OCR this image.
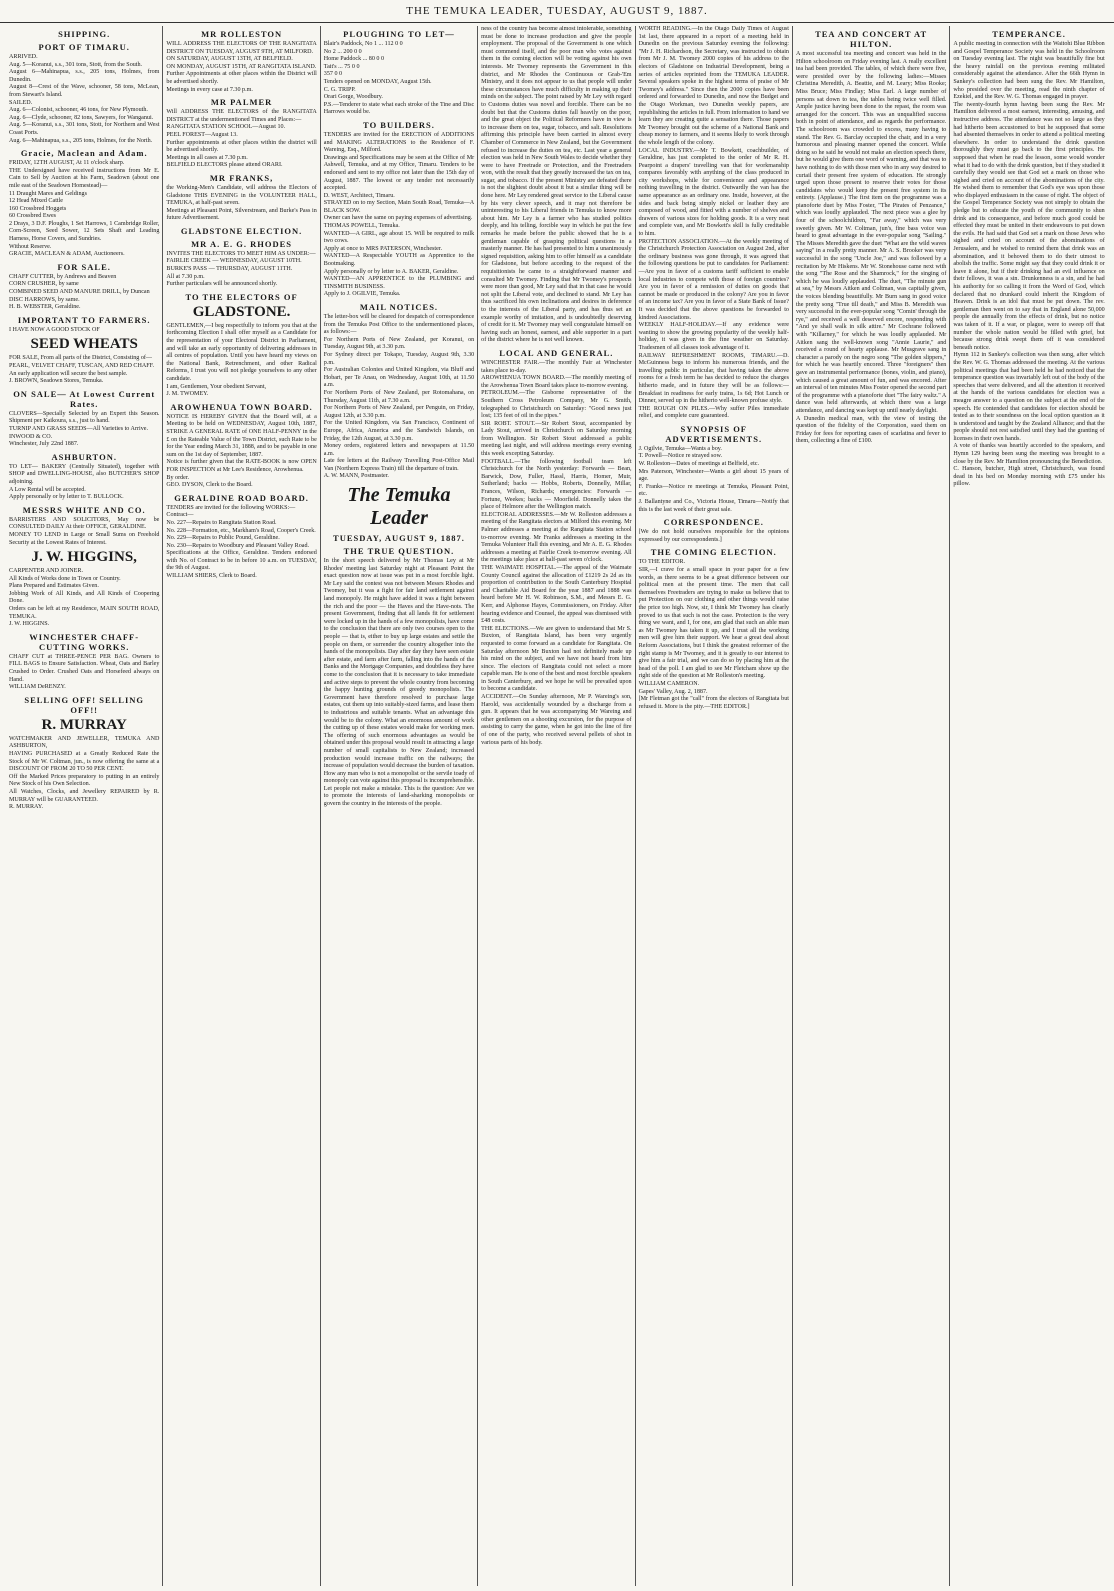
THE TEMUKA LEADER, TUESDAY, AUGUST 9, 1887.
SHIPPING.
PORT OF TIMARU.
ARRIVED.
Aug. 5—Koranui, s.s., 301 tons, Stott, from the South.
August 6—Mahinapua, s.s., 205 tons, Holmes, from Dunedin.
August 8—Crest of the Wave, schooner, 58 tons, McLean, from Stewart's Island.
SAILED.
Aug. 6—Colonist, schooner, 46 tons, for New Plymouth.
Aug. 6—Clyde, schooner, 82 tons, Sawyers, for Wanganui.
Aug. 5—Koranui, s.s., 301 tons, Stott, for Northern and West Coast Ports.
Aug. 6—Mahinapua, s.s., 205 tons, Holmes, for the North.
Gracie, Maclean and Adam.
FRIDAY, 12TH AUGUST, At 11 o'clock sharp.
THE Undersigned have received instructions from Mr E. Cain to Sell by Auction at his Farm, Seadown (about one mile east of the Seadown Homestead)—
11 Draught Mares and Geldings
12 Head Mixed Cattle
160 Crossbred Hoggets
60 Crossbred Ewes
2 Drays, 3 D.F. Ploughs, 1 Set Harrows, 1 Cambridge Roller, Corn-Screen, Seed Sower, 12 Sets Shaft and Leading Harness, Horse Covers, and Sundries.
Without Reserve.
GRACIE, MACLEAN & ADAM, Auctioneers.
FOR SALE.
CHAFF CUTTER, by Andrews and Beaven
CORN CRUSHER, by same
COMBINED SEED AND MANURE DRILL, by Duncan
DISC HARROWS, by same.
H. B. WEBSTER, Geraldine.
IMPORTANT TO FARMERS.
I HAVE NOW A GOOD STOCK OF
SEED WHEATS
FOR SALE, From all parts of the District, Consisting of—
PEARL, VELVET CHAFF, TUSCAN, AND RED CHAFF.
An early application will secure the best sample.
J. BROWN, Seadown Stores, Temuka.
ON SALE— At Lowest Current Rates.
CLOVERS—Specially Selected by an Expert this Season. Shipment per Kaikoura, s.s., just to hand.
TURNIP AND GRASS SEEDS—All Varieties to Arrive.
INWOOD & CO.
Winchester, July 22nd 1887.
ASHBURTON.
TO LET— BAKERY (Centrally Situated), together with SHOP and DWELLING-HOUSE, also BUTCHER'S SHOP adjoining.
A Low Rental will be accepted.
Apply personally or by letter to T. BULLOCK.
MESSRS WHITE AND CO.
BARRISTERS AND SOLICITORS, May now be CONSULTED DAILY At their OFFICE, GERALDINE.
MONEY TO LEND in Large or Small Sums on Freehold Security at the Lowest Rates of Interest.
J. W. HIGGINS,
CARPENTER AND JOINER.
All Kinds of Works done in Town or Country.
Plans Prepared and Estimates Given.
Jobbing Work of All Kinds, and All Kinds of Coopering Done.
Orders can be left at my Residence, MAIN SOUTH ROAD, TEMUKA.
J. W. HIGGINS.
WINCHESTER CHAFF-CUTTING WORKS.
CHAFF CUT at THREE-PENCE PER BAG. Owners to FILL BAGS to Ensure Satisfaction. Wheat, Oats and Barley Crushed to Order. Crushed Oats and Horsefeed always on Hand.
WILLIAM DeRENZY.
SELLING OFF! SELLING OFF!!
R. MURRAY
WATCHMAKER AND JEWELLER, TEMUKA AND ASHBURTON,
HAVING PURCHASED at a Greatly Reduced Rate the Stock of Mr W. Coltman, jun., is now offering the same at a DISCOUNT OF FROM 20 TO 50 PER CENT.
Off the Marked Prices preparatory to putting in an entirely New Stock of his Own Selection.
All Watches, Clocks, and Jewellery REPAIRED by R. MURRAY will be GUARANTEED.
R. MURRAY.
MR ROLLESTON
WILL ADDRESS THE ELECTORS OF THE RANGITATA DISTRICT ON TUESDAY, AUGUST 9TH, AT MILFORD.
ON SATURDAY, AUGUST 13TH, AT BELFIELD.
ON MONDAY, AUGUST 15TH, AT RANGITATA ISLAND.
Further Appointments at other places within the District will be advertised shortly.
Meetings in every case at 7.30 p.m.
MR PALMER
Will ADDRESS THE ELECTORS of the RANGITATA DISTRICT at the undermentioned Times and Places:—
RANGITATA STATION SCHOOL—August 10.
PEEL FOREST—August 13.
Further appointments at other places within the district will be advertised shortly.
Meetings in all cases at 7.30 p.m.
BELFIELD ELECTORS please attend ORARI.
MR FRANKS,
the Working-Men's Candidate, will address the Electors of Gladstone THIS EVENING in the VOLUNTEER HALL, TEMUKA, at half-past seven.
Meetings at Pleasant Point, Silverstream, and Burke's Pass in future Advertisement.
GLADSTONE ELECTION.
MR A. E. G. RHODES
INVITES THE ELECTORS TO MEET HIM AS UNDER:—
FAIRLIE CREEK — WEDNESDAY, AUGUST 10TH.
BURKE'S PASS — THURSDAY, AUGUST 11TH.
All at 7.30 p.m.
Further particulars will be announced shortly.
TO THE ELECTORS OF
GLADSTONE.
GENTLEMEN,—I beg respectfully to inform you that at the forthcoming Election I shall offer myself as a Candidate for the representation of your Electoral District in Parliament, and will take an early opportunity of delivering addresses in all centres of population. Until you have heard my views on the National Bank, Retrenchment, and other Radical Reforms, I trust you will not pledge yourselves to any other candidate.
I am, Gentlemen, Your obedient Servant,
J. M. TWOMEY.
AROWHENUA TOWN BOARD.
NOTICE IS HEREBY GIVEN that the Board will, at a Meeting to be held on WEDNESDAY, August 10th, 1887, STRIKE A GENERAL RATE of ONE HALF-PENNY in the £ on the Rateable Value of the Town District, such Rate to be for the Year ending March 31, 1888, and to be payable in one sum on the 1st day of September, 1887.
Notice is further given that the RATE-BOOK is now OPEN FOR INSPECTION at Mr Lee's Residence, Arowhenua.
By order.
GEO. DYSON, Clerk to the Board.
GERALDINE ROAD BOARD.
TENDERS are invited for the following WORKS:—
Contract—
No. 227—Repairs to Rangitata Station Road.
No. 228—Formation, etc., Markham's Road, Cooper's Creek.
No. 229—Repairs to Public Pound, Geraldine.
No. 230—Repairs to Woodbury and Pleasant Valley Road.
Specifications at the Office, Geraldine. Tenders endorsed with No. of Contract to be in before 10 a.m. on TUESDAY, the 9th of August.
WILLIAM SHIERS, Clerk to Board.
PLOUGHING TO LET—
Blair's Paddock, No 1 ... 112 0 0
No 2 ... 200 0 0
Home Paddock ... 80 0 0
Tait's ... 75 0 0
357 0 0
Tenders opened on MONDAY, August 15th.
C. G. TRIPP.
Orari Gorge, Woodbury.
P.S.—Tenderer to state what each stroke of the Tine and Disc Harrows would be.
TO BUILDERS.
TENDERS are invited for the ERECTION of ADDITIONS and MAKING ALTERATIONS to the Residence of F. Wareing, Esq., Milford.
Drawings and Specifications may be seen at the Office of Mr Ashwell, Temuka, and at my Office, Timaru. Tenders to be endorsed and sent to my office not later than the 15th day of August, 1887. The lowest or any tender not necessarily accepted.
D. WEST, Architect, Timaru.
STRAYED on to my Section, Main South Road, Temuka—A BLACK SOW.
Owner can have the same on paying expenses of advertising.
THOMAS POWELL, Temuka.
WANTED—A GIRL, age about 15. Will be required to milk two cows.
Apply at once to MRS PATERSON, Winchester.
WANTED—A Respectable YOUTH as Apprentice to the Bootmaking.
Apply personally or by letter to A. BAKER, Geraldine.
WANTED—AN APPRENTICE to the PLUMBING and TINSMITH BUSINESS.
Apply to J. OGILVIE, Temuka.
MAIL NOTICES.
The letter-box will be cleared for despatch of correspondence from the Temuka Post Office to the undermentioned places, as follows:—
For Northern Ports of New Zealand, per Koranui, on Tuesday, August 9th, at 3.30 p.m.
For Sydney direct per Tokapo, Tuesday, August 9th, 3.30 p.m.
For Australian Colonies and United Kingdom, via Bluff and Hobart, per Te Anau, on Wednesday, August 10th, at 11.50 a.m.
For Northern Ports of New Zealand, per Rotomahana, on Thursday, August 11th, at 7.30 a.m.
For Northern Ports of New Zealand, per Penguin, on Friday, August 12th, at 3.30 p.m.
For the United Kingdom, via San Francisco, Continent of Europe, Africa, America and the Sandwich Islands, on Friday, the 12th August, at 3.30 p.m.
Money orders, registered letters and newspapers at 11.50 a.m.
Late fee letters at the Railway Travelling Post-Office Mail Van (Northern Express Train) till the departure of train.
A. W. MANN, Postmaster.
The Temuka Leader
TUESDAY, AUGUST 9, 1887.
THE TRUE QUESTION.
In the short speech delivered by Mr Thomas Ley at Mr Rhodes' meeting last Saturday night at Pleasant Point the exact question now at issue was put in a most forcible light. Mr Ley said the contest was not between Messrs Rhodes and Twomey, but it was a fight for fair land settlement against land monopoly. He might have added it was a fight between the rich and the poor — the Haves and the Have-nots. The present Government, finding that all lands fit for settlement were locked up in the hands of a few monopolists, have come to the conclusion that there are only two courses open to the people — that is, either to buy up large estates and settle the people on them, or surrender the country altogether into the hands of the monopolists. Day after day they have seen estate after estate, and farm after farm, falling into the hands of the Banks and the Mortgage Companies, and doubtless they have come to the conclusion that it is necessary to take immediate and active steps to prevent the whole country from becoming the happy hunting grounds of greedy monopolists. The Government have therefore resolved to purchase large estates, cut them up into suitably-sized farms, and lease them to industrious and suitable tenants. What an advantage this would be to the colony. What an enormous amount of work the cutting up of these estates would make for working men. The offering of such enormous advantages as would be obtained under this proposal would result in attracting a large number of small capitalists to New Zealand; increased production would increase traffic on the railways; the increase of population would decrease the burden of taxation. How any man who is not a monopolist or the servile toady of monopoly can vote against this proposal is incomprehensible. Let people not make a mistake. This is the question: Are we to promote the interests of land-sharking monopolists or govern the country in the interests of the people.
ness of the country has become almost intolerable, something must be done to increase production and give the people employment. The proposal of the Government is one which must commend itself, and the poor man who votes against them in the coming election will be voting against his own interests. Mr Twomey represents the Government in this district, and Mr Rhodes the Continuous or Grab-'Em Ministry, and it does not appear to us that people will under these circumstances have much difficulty in making up their minds on the subject. The point raised by Mr Ley with regard to Customs duties was novel and forcible. There can be no doubt but that the Customs duties fall heavily on the poor, and the great object the Political Reformers have in view is to increase them on tea, sugar, tobacco, and salt. Resolutions affirming this principle have been carried in almost every Chamber of Commerce in New Zealand, but the Government refused to increase the duties on tea, etc. Last year a general election was held in New South Wales to decide whether they were to have Freetrade or Protection, and the Freetraders won, with the result that they greatly increased the tax on tea, sugar, and tobacco. If the present Ministry are defeated there is not the slightest doubt about it but a similar thing will be done here. Mr Ley rendered great service to the Liberal cause by his very clever speech, and it may not therefore be uninteresting to his Liberal friends in Temuka to know more about him. Mr Ley is a farmer who has studied politics deeply, and his telling, forcible way in which he put the few remarks he made before the public showed that he is a gentleman capable of grasping political questions in a masterly manner. He has had presented to him a unanimously signed requisition, asking him to offer himself as a candidate for Gladstone, but before acceding to the request of the requisitionists he came to a straightforward manner and consulted Mr Twomey. Finding that Mr Twomey's prospects were more than good, Mr Ley said that in that case he would not split the Liberal vote, and declined to stand. Mr Ley has thus sacrificed his own inclinations and desires in deference to the interests of the Liberal party, and has thus set an example worthy of imitation, and is undoubtedly deserving of credit for it. Mr Twomey may well congratulate himself on having such an honest, earnest, and able supporter in a part of the district where he is not well known.
LOCAL AND GENERAL.
WINCHESTER FAIR.—The monthly Fair at Winchester takes place to-day.
AROWHENUA TOWN BOARD.—The monthly meeting of the Arowhenua Town Board takes place to-morrow evening.
PETROLEUM.—The Gisborne representative of the Southern Cross Petroleum Company, Mr G. Smith, telegraphed to Christchurch on Saturday: "Good news just lost; 135 feet of oil in the pipes."
SIR ROBT. STOUT.—Sir Robert Stout, accompanied by Lady Stout, arrived in Christchurch on Saturday morning from Wellington. Sir Robert Stout addressed a public meeting last night, and will address meetings every evening this week excepting Saturday.
FOOTBALL.—The following football team left Christchurch for the North yesterday: Forwards — Bean, Barwick, Dow, Fuller, Hassl, Harris, Homer, Muir, Sutherland; backs — Hobbs, Roberts, Donnelly, Millar, Frances, Wilson, Richards; emergencies: Forwards — Fortune, Weekes; backs — Moorfield. Donnelly takes the place of Helmore after the Wellington match.
ELECTORAL ADDRESSES.—Mr W. Rolleston addresses a meeting of the Rangitata electors at Milford this evening. Mr Palmer addresses a meeting at the Rangitata Station school to-morrow evening. Mr Franks addresses a meeting in the Temuka Volunteer Hall this evening, and Mr A. E. G. Rhodes addresses a meeting at Fairlie Creek to-morrow evening. All the meetings take place at half-past seven o'clock.
THE WAIMATE HOSPITAL.—The appeal of the Waimate County Council against the allocation of £1219 2s 2d as its proportion of contribution to the South Canterbury Hospital and Charitable Aid Board for the year 1887 and 1888 was heard before Mr H. W. Robinson, S.M., and Messrs E. G. Kerr, and Alphonse Hayes, Commissioners, on Friday. After hearing evidence and Counsel, the appeal was dismissed with £48 costs.
THE ELECTIONS.—We are given to understand that Mr S. Buxton, of Rangitata Island, has been very urgently requested to come forward as a candidate for Rangitata. On Saturday afternoon Mr Buxton had not definitely made up his mind on the subject, and we have not heard from him since. The electors of Rangitata could not select a more capable man. He is one of the best and most forcible speakers in South Canterbury, and we hope he will be prevailed upon to become a candidate.
ACCIDENT.—On Sunday afternoon, Mr P. Wareing's son, Harold, was accidentally wounded by a discharge from a gun. It appears that he was accompanying Mr Wareing and other gentlemen on a shooting excursion, for the purpose of assisting to carry the game, when he got into the line of fire of one of the party, who received several pellets of shot in various parts of his body.
WORTH READING.—In the Otago Daily Times of August 1st last, there appeared in a report of a meeting held in Dunedin on the previous Saturday evening the following: "Mr J. H. Richardson, the Secretary, was instructed to obtain from Mr J. M. Twomey 2000 copies of his address to the electors of Gladstone on Industrial Development, being a series of articles reprinted from the TEMUKA LEADER. Several speakers spoke in the highest terms of praise of Mr Twomey's address." Since then the 2000 copies have been ordered and forwarded to Dunedin, and now the Budget and the Otago Workman, two Dunedin weekly papers, are republishing the articles in full. From information to hand we learn they are creating quite a sensation there. Those papers Mr Twomey brought out the scheme of a National Bank and cheap money to farmers, and it seems likely to work through the whole length of the colony.
LOCAL INDUSTRY.—Mr T. Bowkett, coachbuilder, of Geraldine, has just completed to the order of Mr R. H. Pearpoint a drapers' travelling van that for workmanship compares favorably with anything of the class produced in city workshops, while for convenience and appearance nothing travelling in the district. Outwardly the van has the same appearance as an ordinary one. Inside, however, at the sides and back being simply nickel or leather they are composed of wood, and fitted with a number of shelves and drawers of various sizes for holding goods. It is a very neat and complete van, and Mr Bowkett's skill is fully creditable to him.
PROTECTION ASSOCIATION.—At the weekly meeting of the Christchurch Protection Association on August 2nd, after the ordinary business was gone through, it was agreed that the following questions be put to candidates for Parliament:—Are you in favor of a customs tariff sufficient to enable local industries to compete with those of foreign countries? Are you in favor of a remission of duties on goods that cannot be made or produced in the colony? Are you in favor of an income tax? Are you in favor of a State Bank of Issue? It was decided that the above questions be forwarded to kindred Associations.
WEEKLY HALF-HOLIDAY.—If any evidence were wanting to show the growing popularity of the weekly half-holiday, it was given in the fine weather on Saturday. Tradesmen of all classes took advantage of it.
RAILWAY REFRESHMENT ROOMS, TIMARU.—D. McGuinness begs to inform his numerous friends, and the travelling public in particular, that having taken the above rooms for a fresh term he has decided to reduce the charges hitherto made, and in future they will be as follows:—Breakfast in readiness for early trains, 1s 6d; Hot Lunch or Dinner, served up in the hitherto well-known profuse style.
THE ROUGH ON PILES.—Why suffer Piles immediate relief, and complete cure guaranteed.
SYNOPSIS OF ADVERTISEMENTS.
J. Ogilvie, Temuka—Wants a boy.
T. Powell—Notice re strayed sow.
W. Rolleston—Dates of meetings at Belfield, etc.
Mrs Paterson, Winchester—Wants a girl about 15 years of age.
F. Franks—Notice re meetings at Temuka, Pleasant Point, etc.
J. Ballantyne and Co., Victoria House, Timaru—Notify that this is the last week of their great sale.
CORRESPONDENCE.
[We do not hold ourselves responsible for the opinions expressed by our correspondents.]
THE COMING ELECTION.
TO THE EDITOR.
SIR,—I crave for a small space in your paper for a few words, as there seems to be a great difference between our political men at the present time. The men that call themselves Freetraders are trying to make us believe that to put Protection on our clothing and other things would raise the price too high. Now, sir, I think Mr Twomey has clearly proved to us that such is not the case. Protection is the very thing we want, and I, for one, am glad that such an able man as Mr Twomey has taken it up, and I trust all the working men will give him their support. We hear a great deal about Reform Associations, but I think the greatest reformer of the right stamp is Mr Twomey, and it is greatly to our interest to give him a fair trial, and we can do so by placing him at the head of the poll. I am glad to see Mr Fletcham show up the right side of the question at Mr Rolleston's meeting.
WILLIAM CAMERON.
Gapes' Valley, Aug. 2, 1887.
[Mr Fletman got the "call" from the electors of Rangitata but refused it. More is the pity.—THE EDITOR.]
TEA AND CONCERT AT HILTON.
A most successful tea meeting and concert was held in the Hilton schoolroom on Friday evening last. A really excellent tea had been provided. The tables, of which there were five, were presided over by the following ladies:—Misses Christina Meredith, A. Beattie, and M. Leary; Miss Rooke; Miss Bruce; Miss Findlay; Miss Earl. A large number of persons sat down to tea, the tables being twice well filled. Ample justice having been done to the repast, the room was arranged for the concert. This was an unqualified success both in point of attendance, and as regards the performance. The schoolroom was crowded to excess, many having to stand. The Rev. G. Barclay occupied the chair, and in a very humorous and pleasing manner opened the concert. While doing so he said he would not make an election speech there, but he would give them one word of warning, and that was to have nothing to do with those men who in any way desired to curtail their present free system of education. He strongly urged upon those present to reserve their votes for those candidates who would keep the present free system in its entirety. (Applause.) The first item on the programme was a pianoforte duet by Miss Foster, "The Pirates of Penzance," which was loudly applauded. The next piece was a glee by four of the schoolchildren, "Far away," which was very sweetly given. Mr W. Coltman, jun's, fine bass voice was heard to great advantage in the ever-popular song "Sailing." The Misses Meredith gave the duet "What are the wild waves saying" in a really pretty manner. Mr A. S. Brooker was very successful in the song "Uncle Joe," and was followed by a recitation by Mr Hiskens. Mr W. Stonehouse came next with the song "The Rose and the Shamrock," for the singing of which he was loudly applauded. The duet, "The minute gun at sea," by Messrs Aitken and Coltman, was capitally given, the voices blending beautifully. Mr Burn sang in good voice the pretty song "True till death," and Miss B. Meredith was very successful in the ever-popular song "Comin' through the rye," and received a well deserved encore, responding with "And ye shall walk in silk attire." Mr Cochrane followed with "Killarney," for which he was loudly applauded. Mr Aitken sang the well-known song "Annie Laurie," and received a round of hearty applause. Mr Musgrave sang in character a parody on the negro song "The golden slippers," for which he was heartily encored. Three "foreigners" then gave an instrumental performance (bones, violin, and piano), which caused a great amount of fun, and was encored. After an interval of ten minutes Miss Foster opened the second part of the programme with a pianoforte duet "The fairy waltz." A dance was held afterwards, at which there was a large attendance, and dancing was kept up until nearly daylight.
A Dunedin medical man, with the view of testing the question of the fidelity of the Corporation, sued them on Friday for fees for reporting cases of scarlatina and fever to them, collecting a fine of £100.
TEMPERANCE.
A public meeting in connection with the Waitohi Blue Ribbon and Gospel Temperance Society was held in the Schoolroom on Tuesday evening last. The night was beautifully fine but the heavy rainfall on the previous evening militated considerably against the attendance. After the 66th Hymn in Sankey's collection had been sung the Rev. Mr Hamilton, who presided over the meeting, read the ninth chapter of Ezekiel, and the Rev. W. G. Thomas engaged in prayer.
The twenty-fourth hymn having been sung the Rev. Mr Hamilton delivered a most earnest, interesting, amusing, and instructive address. The attendance was not so large as they had hitherto been accustomed to but he supposed that some had absented themselves in order to attend a political meeting elsewhere. In order to understand the drink question thoroughly they must go back to the first principles. He supposed that when he read the lesson, some would wonder what it had to do with the drink question, but if they studied it carefully they would see that God set a mark on those who sighed and cried on account of the abominations of the city. He wished them to remember that God's eye was upon those who displayed enthusiasm in the cause of right. The object of the Gospel Temperance Society was not simply to obtain the pledge but to educate the youth of the community to shun drink and its consequence, and before much good could be effected they must be united in their endeavours to put down the evils. He had said that God set a mark on those Jews who sighed and cried on account of the abominations of Jerusalem, and he wished to remind them that drink was an abomination, and it behoved them to do their utmost to abolish the traffic. Some might say that they could drink it or leave it alone, but if their drinking had an evil influence on their fellows, it was a sin. Drunkenness is a sin, and he had his authority for so calling it from the Word of God, which declared that no drunkard could inherit the Kingdom of Heaven. Drink is an idol that must be put down. The rev. gentleman then went on to say that in England alone 50,000 people die annually from the effects of drink, but no notice was taken of it. If a war, or plague, were to sweep off that number the whole nation would be filled with grief, but because strong drink swept them off it was considered beneath notice.
Hymn 112 in Sankey's collection was then sung, after which the Rev. W. G. Thomas addressed the meeting. At the various political meetings that had been held he had noticed that the temperance question was invariably left out of the body of the speeches that were delivered, and all the attention it received at the hands of the various candidates for election was a meagre answer to a question on the subject at the end of the speech. He contended that candidates for election should be tested as to their soundness on the local option question as it is understood and taught by the Zealand Alliance; and that the people should not rest satisfied until they had the granting of licenses in their own hands.
A vote of thanks was heartily accorded to the speakers, and Hymn 129 having been sung the meeting was brought to a close by the Rev. Mr Hamilton pronouncing the Benediction.
C. Hanson, butcher, High street, Christchurch, was found dead in his bed on Monday morning with £75 under his pillow.
